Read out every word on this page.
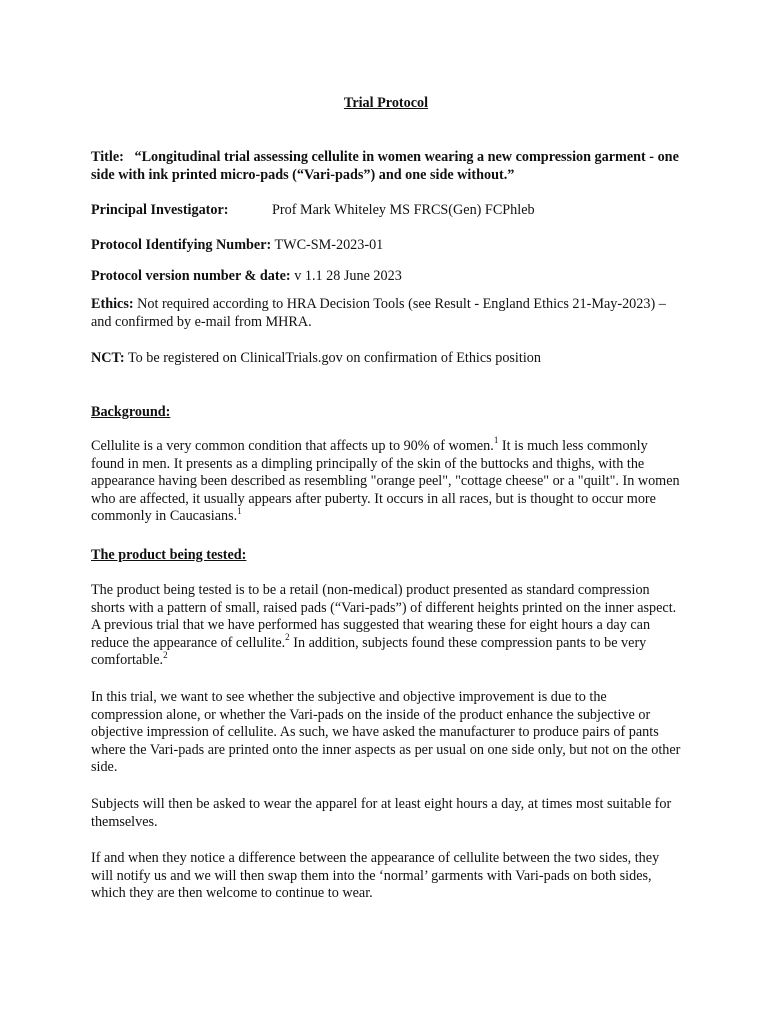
Trial Protocol

Title: “Longitudinal trial assessing cellulite in women wearing a new compression garment - one side with ink printed micro-pads (“Vari-pads”) and one side without.”

Principal Investigator:	Prof Mark Whiteley MS FRCS(Gen) FCPhleb

Protocol Identifying Number: TWC-SM-2023-01

Protocol version number & date: v 1.1 28 June 2023

Ethics: Not required according to HRA Decision Tools (see Result - England Ethics 21-May-2023) – and confirmed by e-mail from MHRA.

NCT: To be registered on ClinicalTrials.gov on confirmation of Ethics position

Background:

Cellulite is a very common condition that affects up to 90% of women.$^1$ It is much less commonly found in men. It presents as a dimpling principally of the skin of the buttocks and thighs, with the appearance having been described as resembling "orange peel", "cottage cheese" or a "quilt". In women who are affected, it usually appears after puberty. It occurs in all races, but is thought to occur more commonly in Caucasians.$^1$

The product being tested:

The product being tested is to be a retail (non-medical) product presented as standard compression shorts with a pattern of small, raised pads (“Vari-pads”) of different heights printed on the inner aspect. A previous trial that we have performed has suggested that wearing these for eight hours a day can reduce the appearance of cellulite.$^2$ In addition, subjects found these compression pants to be very comfortable.$^2$

In this trial, we want to see whether the subjective and objective improvement is due to the compression alone, or whether the Vari-pads on the inside of the product enhance the subjective or objective impression of cellulite. As such, we have asked the manufacturer to produce pairs of pants where the Vari-pads are printed onto the inner aspects as per usual on one side only, but not on the other side.

Subjects will then be asked to wear the apparel for at least eight hours a day, at times most suitable for themselves.

If and when they notice a difference between the appearance of cellulite between the two sides, they will notify us and we will then swap them into the ‘normal’ garments with Vari-pads on both sides, which they are then welcome to continue to wear.
